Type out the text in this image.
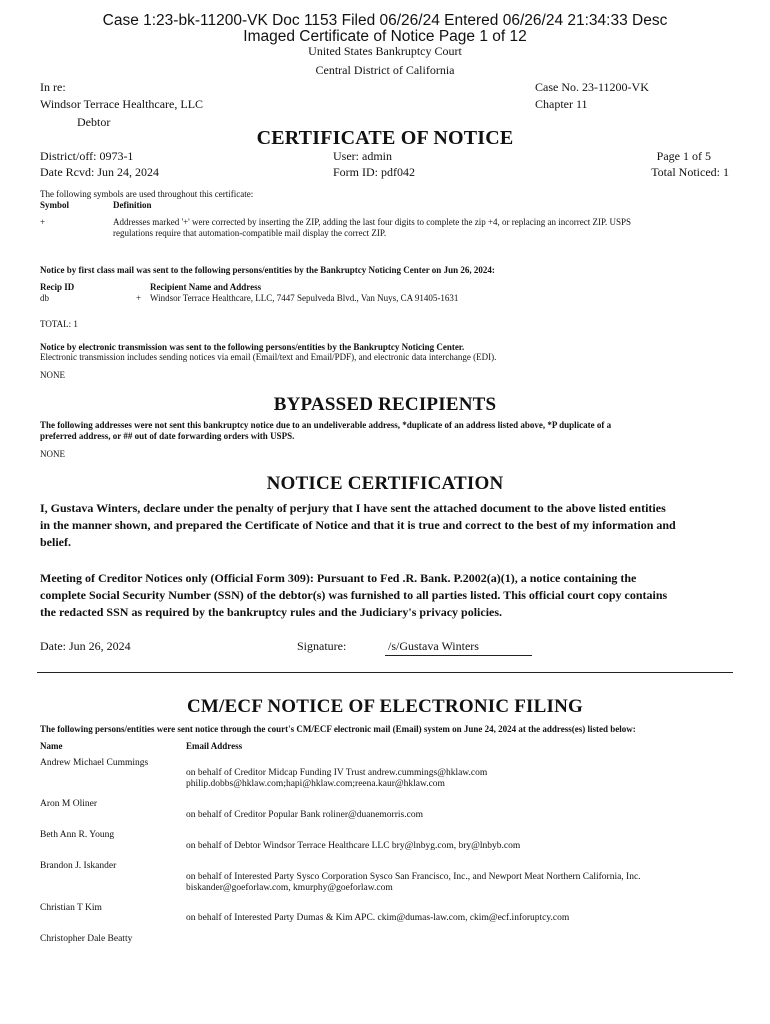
Case 1:23-bk-11200-VK Doc 1153 Filed 06/26/24 Entered 06/26/24 21:34:33 Desc
Imaged Certificate of Notice Page 1 of 12
United States Bankruptcy Court
Central District of California
In re:
Windsor Terrace Healthcare, LLC
Debtor
Case No. 23-11200-VK
Chapter 11
CERTIFICATE OF NOTICE
District/off: 0973-1
Date Rcvd: Jun 24, 2024
User: admin
Form ID: pdf042
Page 1 of 5
Total Noticed: 1
The following symbols are used throughout this certificate:
Symbol	Definition
+	Addresses marked '+' were corrected by inserting the ZIP, adding the last four digits to complete the zip +4, or replacing an incorrect ZIP. USPS
regulations require that automation-compatible mail display the correct ZIP.
Notice by first class mail was sent to the following persons/entities by the Bankruptcy Noticing Center on Jun 26, 2024:
Recip ID	Recipient Name and Address
db	+ Windsor Terrace Healthcare, LLC, 7447 Sepulveda Blvd., Van Nuys, CA 91405-1631
TOTAL: 1
Notice by electronic transmission was sent to the following persons/entities by the Bankruptcy Noticing Center.
Electronic transmission includes sending notices via email (Email/text and Email/PDF), and electronic data interchange (EDI).
NONE
BYPASSED RECIPIENTS
The following addresses were not sent this bankruptcy notice due to an undeliverable address, *duplicate of an address listed above, *P duplicate of a
preferred address, or ## out of date forwarding orders with USPS.
NONE
NOTICE CERTIFICATION
I, Gustava Winters, declare under the penalty of perjury that I have sent the attached document to the above listed entities
in the manner shown, and prepared the Certificate of Notice and that it is true and correct to the best of my information and
belief.
Meeting of Creditor Notices only (Official Form 309): Pursuant to Fed .R. Bank. P.2002(a)(1), a notice containing the
complete Social Security Number (SSN) of the debtor(s) was furnished to all parties listed. This official court copy contains
the redacted SSN as required by the bankruptcy rules and the Judiciary's privacy policies.
Date: Jun 26, 2024	Signature:	/s/Gustava Winters
CM/ECF NOTICE OF ELECTRONIC FILING
The following persons/entities were sent notice through the court's CM/ECF electronic mail (Email) system on June 24, 2024 at the address(es) listed below:
Name	Email Address
Andrew Michael Cummings
on behalf of Creditor Midcap Funding IV Trust andrew.cummings@hklaw.com
philip.dobbs@hklaw.com;hapi@hklaw.com;reena.kaur@hklaw.com
Aron M Oliner
on behalf of Creditor Popular Bank roliner@duanemorris.com
Beth Ann R. Young
on behalf of Debtor Windsor Terrace Healthcare LLC bry@lnbyg.com, bry@lnbyb.com
Brandon J. Iskander
on behalf of Interested Party Sysco Corporation Sysco San Francisco, Inc., and Newport Meat Northern California, Inc.
biskander@goeforlaw.com, kmurphy@goeforlaw.com
Christian T Kim
on behalf of Interested Party Dumas & Kim APC. ckim@dumas-law.com, ckim@ecf.inforuptcy.com
Christopher Dale Beatty
